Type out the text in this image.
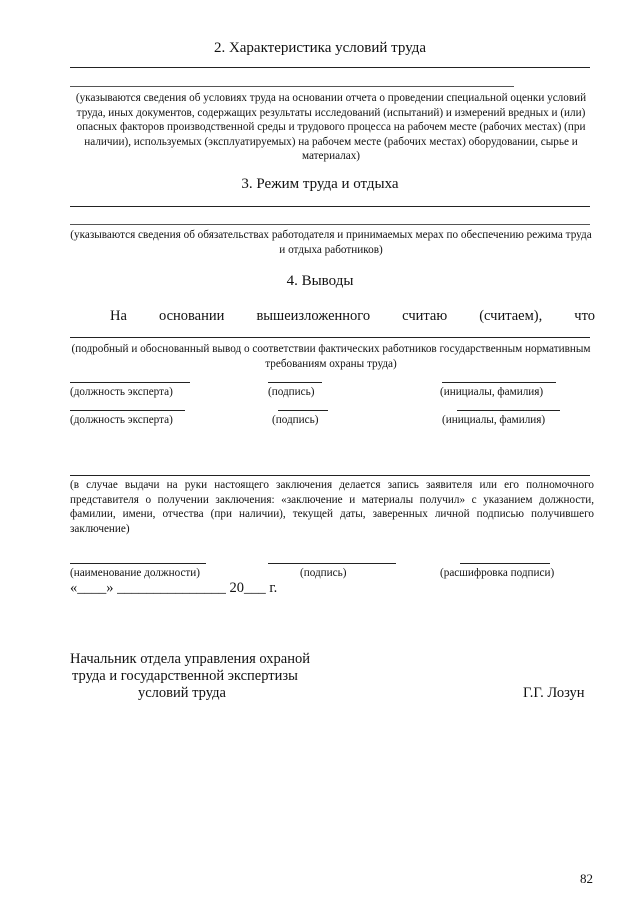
2. Характеристика условий труда
(указываются сведения об условиях труда на основании отчета о проведении специальной оценки условий труда, иных документов, содержащих результаты исследований (испытаний) и измерений вредных и (или) опасных факторов производственной среды и трудового процесса на рабочем месте (рабочих местах) (при наличии), используемых (эксплуатируемых) на рабочем месте (рабочих местах) оборудовании, сырье и материалах)
3. Режим труда и отдыха
(указываются сведения об обязательствах работодателя и принимаемых мерах по обеспечению режима труда и отдыха работников)
4. Выводы
На основании вышеизложенного считаю (считаем), что
(подробный и обоснованный вывод о соответствии фактических работников государственным нормативным требованиям охраны труда)
(должность эксперта)	(подпись)	(инициалы, фамилия)
(должность эксперта)	(подпись)	(инициалы, фамилия)
(в случае выдачи на руки настоящего заключения делается запись заявителя или его полномочного представителя о получении заключения: «заключение и материалы получил» с указанием должности, фамилии, имени, отчества (при наличии), текущей даты, заверенных личной подписью получившего заключение)
(наименование должности)	(подпись)	(расшифровка подписи)
«____» _______________ 20___ г.
Начальник отдела управления охраной
труда и государственной экспертизы
условий труда	Г.Г. Лозун
82
